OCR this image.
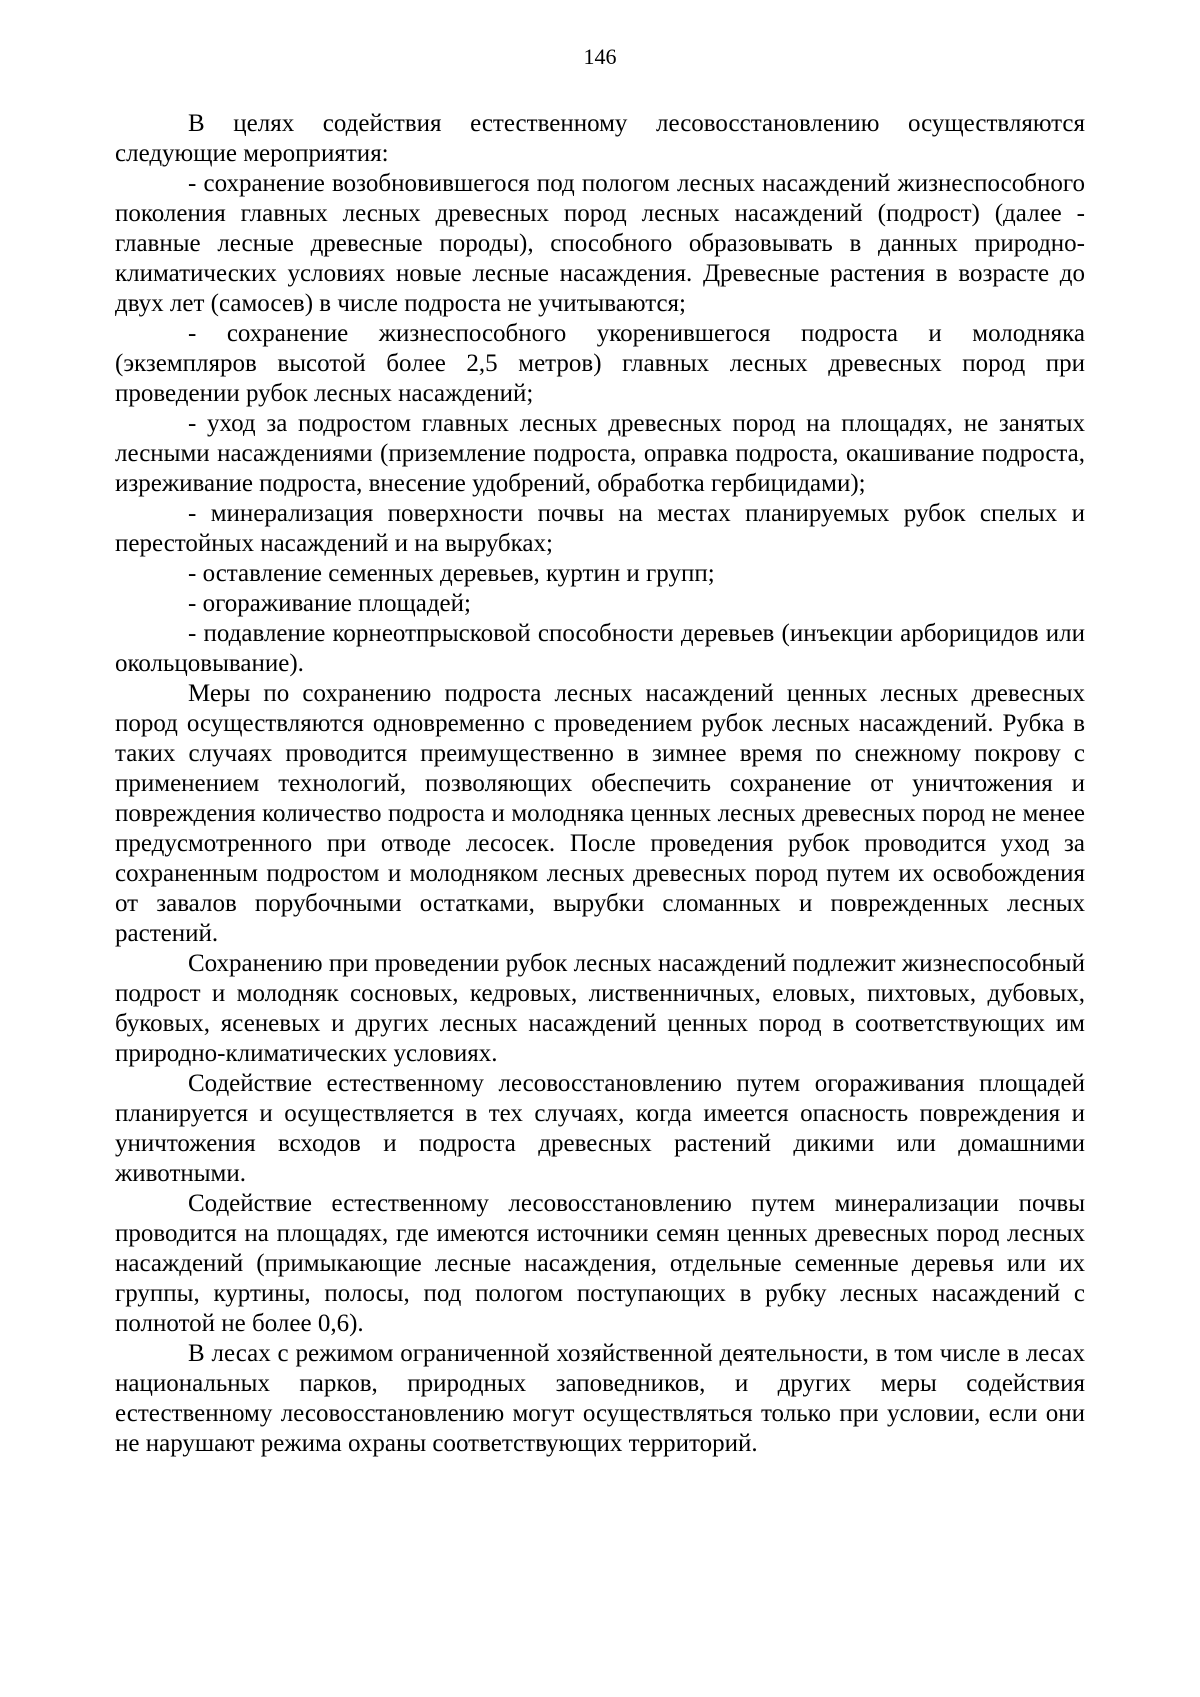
146

В целях содействия естественному лесовосстановлению осуществляются следующие мероприятия:

- сохранение возобновившегося под пологом лесных насаждений жизнеспособного поколения главных лесных древесных пород лесных насаждений (подрост) (далее - главные лесные древесные породы), способного образовывать в данных природно-климатических условиях новые лесные насаждения. Древесные растения в возрасте до двух лет (самосев) в числе подроста не учитываются;

- сохранение жизнеспособного укоренившегося подроста и молодняка (экземпляров высотой более 2,5 метров) главных лесных древесных пород при проведении рубок лесных насаждений;

- уход за подростом главных лесных древесных пород на площадях, не занятых лесными насаждениями (приземление подроста, оправка подроста, окашивание подроста, изреживание подроста, внесение удобрений, обработка гербицидами);

- минерализация поверхности почвы на местах планируемых рубок спелых и перестойных насаждений и на вырубках;

- оставление семенных деревьев, куртин и групп;

- огораживание площадей;

- подавление корнеотпрысковой способности деревьев (инъекции арборицидов или окольцовывание).

Меры по сохранению подроста лесных насаждений ценных лесных древесных пород осуществляются одновременно с проведением рубок лесных насаждений. Рубка в таких случаях проводится преимущественно в зимнее время по снежному покрову с применением технологий, позволяющих обеспечить сохранение от уничтожения и повреждения количество подроста и молодняка ценных лесных древесных пород не менее предусмотренного при отводе лесосек. После проведения рубок проводится уход за сохраненным подростом и молодняком лесных древесных пород путем их освобождения от завалов порубочными остатками, вырубки сломанных и поврежденных лесных растений.

Сохранению при проведении рубок лесных насаждений подлежит жизнеспособный подрост и молодняк сосновых, кедровых, лиственничных, еловых, пихтовых, дубовых, буковых, ясеневых и других лесных насаждений ценных пород в соответствующих им природно-климатических условиях.

Содействие естественному лесовосстановлению путем огораживания площадей планируется и осуществляется в тех случаях, когда имеется опасность повреждения и уничтожения всходов и подроста древесных растений дикими или домашними животными.

Содействие естественному лесовосстановлению путем минерализации почвы проводится на площадях, где имеются источники семян ценных древесных пород лесных насаждений (примыкающие лесные насаждения, отдельные семенные деревья или их группы, куртины, полосы, под пологом поступающих в рубку лесных насаждений с полнотой не более 0,6).

В лесах с режимом ограниченной хозяйственной деятельности, в том числе в лесах национальных парков, природных заповедников, и других меры содействия естественному лесовосстановлению могут осуществляться только при условии, если они не нарушают режима охраны соответствующих территорий.
